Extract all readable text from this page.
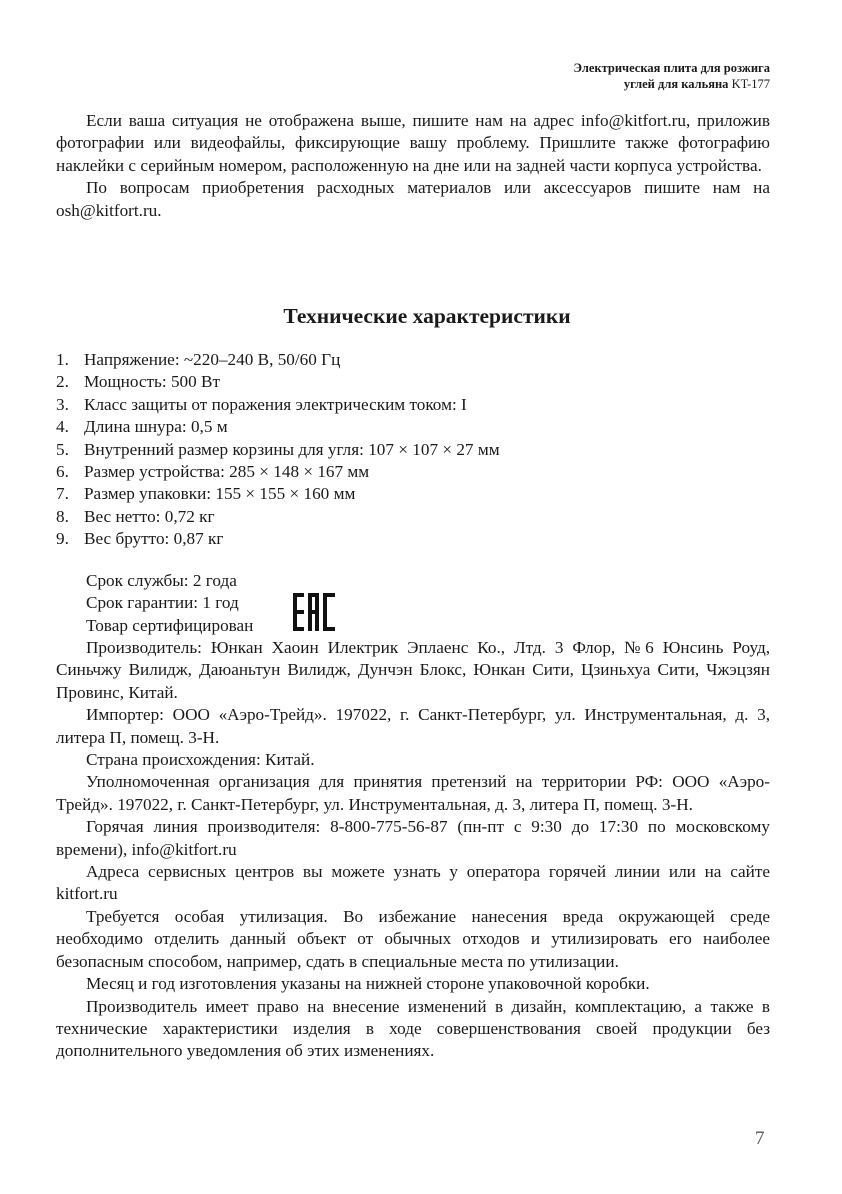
Электрическая плита для розжига
углей для кальяна KT-177

Если ваша ситуация не отображена выше, пишите нам на адрес info@kitfort.ru, приложив фотографии или видеофайлы, фиксирующие вашу проблему. Пришлите также фотографию наклейки с серийным номером, расположенную на дне или на задней части корпуса устройства.

По вопросам приобретения расходных материалов или аксессуаров пишите нам на osh@kitfort.ru.

Технические характеристики
1. Напряжение: ~220–240 В, 50/60 Гц
2. Мощность: 500 Вт
3. Класс защиты от поражения электрическим током: I
4. Длина шнура: 0,5 м
5. Внутренний размер корзины для угля: 107 × 107 × 27 мм
6. Размер устройства: 285 × 148 × 167 мм
7. Размер упаковки: 155 × 155 × 160 мм
8. Вес нетто: 0,72 кг
9. Вес брутто: 0,87 кг
Срок службы: 2 года
Срок гарантии: 1 год
Товар сертифицирован

Производитель: Юнкан Хаоин Илектрик Эплаенс Ко., Лтд. 3 Флор, №6 Юнсинь Роуд, Синьчжу Вилидж, Даюаньтун Вилидж, Дунчэн Блокс, Юнкан Сити, Цзиньхуа Сити, Чжэцзян Провинс, Китай.

Импортер: ООО «Аэро-Трейд». 197022, г. Санкт-Петербург, ул. Инструментальная, д. 3, литера П, помещ. 3-Н.

Страна происхождения: Китай.

Уполномоченная организация для принятия претензий на территории РФ: ООО «Аэро-Трейд». 197022, г. Санкт-Петербург, ул. Инструментальная, д. 3, литера П, помещ. 3-Н.

Горячая линия производителя: 8-800-775-56-87 (пн-пт с 9:30 до 17:30 по московскому времени), info@kitfort.ru

Адреса сервисных центров вы можете узнать у оператора горячей линии или на сайте kitfort.ru

Требуется особая утилизация. Во избежание нанесения вреда окружающей среде необходимо отделить данный объект от обычных отходов и утилизировать его наиболее безопасным способом, например, сдать в специальные места по утилизации.

Месяц и год изготовления указаны на нижней стороне упаковочной коробки.

Производитель имеет право на внесение изменений в дизайн, комплектацию, а также в технические характеристики изделия в ходе совершенствования своей продукции без дополнительного уведомления об этих изменениях.

7
